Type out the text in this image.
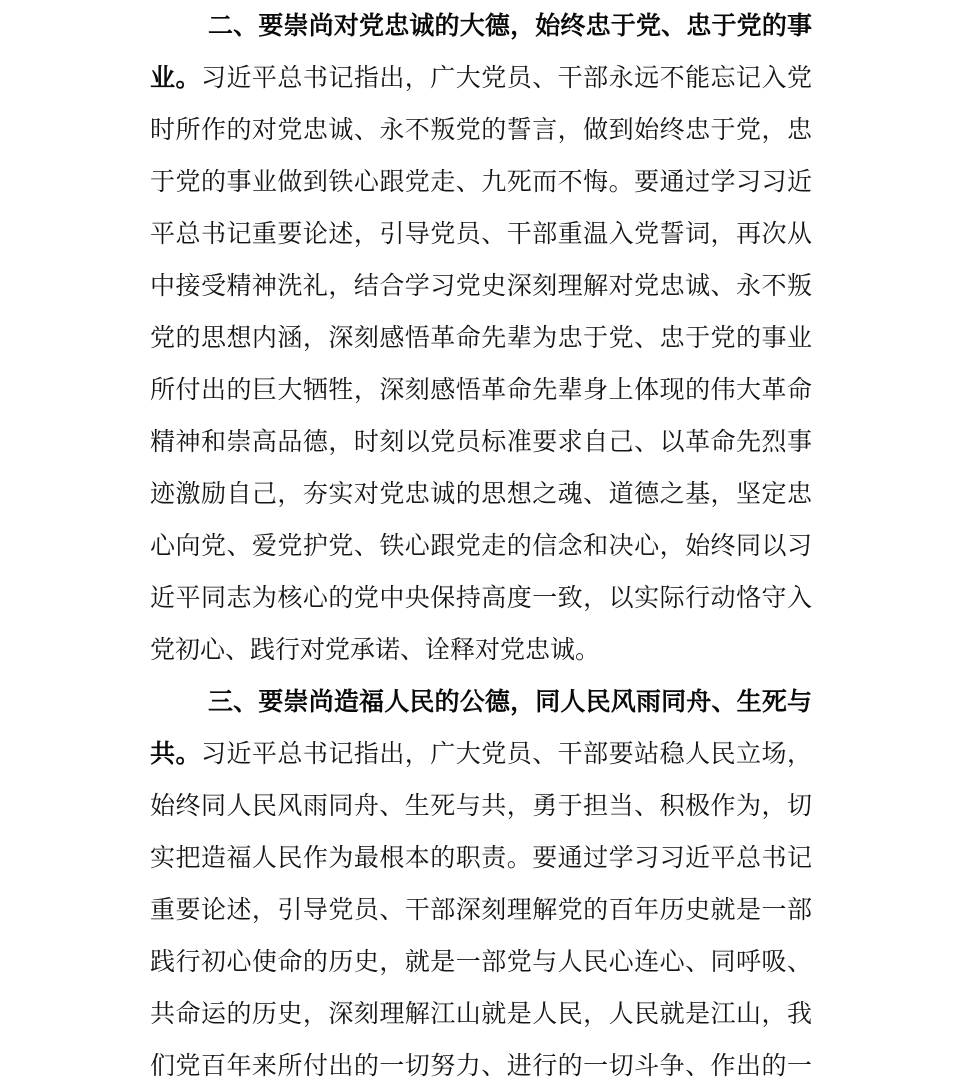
二、要崇尚对党忠诚的大德，始终忠于党、忠于党的事
业。习近平总书记指出，广大党员、干部永远不能忘记入党
时所作的对党忠诚、永不叛党的誓言，做到始终忠于党，忠
于党的事业做到铁心跟党走、九死而不悔。要通过学习习近
平总书记重要论述，引导党员、干部重温入党誓词，再次从
中接受精神洗礼，结合学习党史深刻理解对党忠诚、永不叛
党的思想内涵，深刻感悟革命先辈为忠于党、忠于党的事业
所付出的巨大牺牲，深刻感悟革命先辈身上体现的伟大革命
精神和崇高品德，时刻以党员标准要求自己、以革命先烈事
迹激励自己，夯实对党忠诚的思想之魂、道德之基，坚定忠
心向党、爱党护党、铁心跟党走的信念和决心，始终同以习
近平同志为核心的党中央保持高度一致，以实际行动恪守入
党初心、践行对党承诺、诠释对党忠诚。
三、要崇尚造福人民的公德，同人民风雨同舟、生死与
共。习近平总书记指出，广大党员、干部要站稳人民立场，
始终同人民风雨同舟、生死与共，勇于担当、积极作为，切
实把造福人民作为最根本的职责。要通过学习习近平总书记
重要论述，引导党员、干部深刻理解党的百年历史就是一部
践行初心使命的历史，就是一部党与人民心连心、同呼吸、
共命运的历史，深刻理解江山就是人民，人民就是江山，我
们党百年来所付出的一切努力、进行的一切斗争、作出的一
